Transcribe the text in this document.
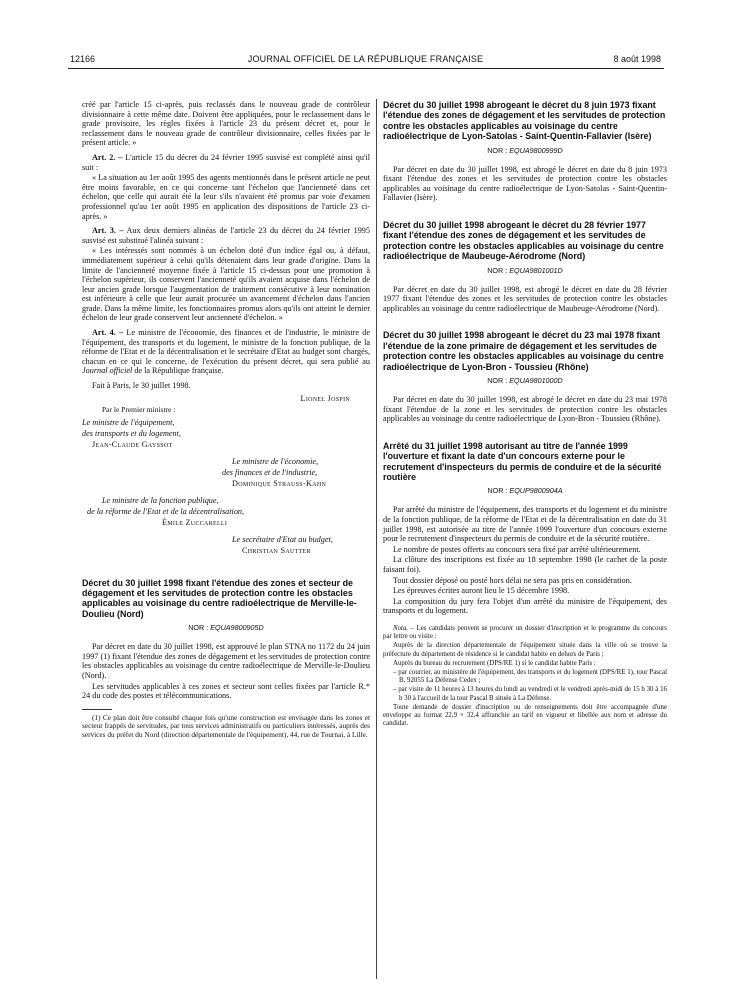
12166	JOURNAL OFFICIEL DE LA RÉPUBLIQUE FRANÇAISE	8 août 1998

créé par l'article 15 ci-après, puis reclassés dans le nouveau grade de contrôleur divisionnaire à cette même date. Doivent être appliquées, pour le reclassement dans le grade provisoire, les règles fixées à l'article 23 du présent décret et, pour le reclassement dans le nouveau grade de contrôleur divisionnaire, celles fixées par le présent article. »

Art. 2. – L'article 15 du décret du 24 février 1995 susvisé est complété ainsi qu'il suit :

« La situation au 1er août 1995 des agents mentionnés dans le présent article ne peut être moins favorable, en ce qui concerne tant l'échelon que l'ancienneté dans cet échelon, que celle qui aurait été la leur s'ils n'avaient été promus par voie d'examen professionnel qu'au 1er août 1995 en application des dispositions de l'article 23 ci-après. »

Art. 3. – Aux deux derniers alinéas de l'article 23 du décret du 24 février 1995 susvisé est substitué l'alinéa suivant :

« Les intéressés sont nommés à un échelon doté d'un indice égal ou, à défaut, immédiatement supérieur à celui qu'ils détenaient dans leur grade d'origine. Dans la limite de l'ancienneté moyenne fixée à l'article 15 ci-dessus pour une promotion à l'échelon supérieur, ils conservent l'ancienneté qu'ils avaient acquise dans l'échelon de leur ancien grade lorsque l'augmentation de traitement consécutive à leur nomination est inférieure à celle que leur aurait procurée un avancement d'échelon dans l'ancien grade. Dans la même limite, les fonctionnaires promus alors qu'ils ont atteint le dernier échelon de leur grade conservent leur ancienneté d'échelon. »

Art. 4. – Le ministre de l'économie, des finances et de l'industrie, le ministre de l'équipement, des transports et du logement, le ministre de la fonction publique, de la réforme de l'Etat et de la décentralisation et le secrétaire d'Etat au budget sont chargés, chacun en ce qui le concerne, de l'exécution du présent décret, qui sera publié au Journal officiel de la République française.

Fait à Paris, le 30 juillet 1998.

Lionel Jospin
Par le Premier ministre :
Le ministre de l'équipement,
des transports et du logement,
Jean-Claude Gayssot
Le ministre de l'économie,
des finances et de l'industrie,
Dominique Strauss-Kahn
Le ministre de la fonction publique,
de la réforme de l'Etat et de la décentralisation,
Émile Zuccarelli
Le secrétaire d'Etat au budget,
Christian Sautter

Décret du 30 juillet 1998 fixant l'étendue des zones et secteur de dégagement et les servitudes de protection contre les obstacles applicables au voisinage du centre radioélectrique de Merville-le-Doulieu (Nord)

NOR : EQUA9800905D

Par décret en date du 30 juillet 1998, est approuvé le plan STNA no 1172 du 24 juin 1997 (1) fixant l'étendue des zones de dégagement et les servitudes de protection contre les obstacles applicables au voisinage du centre radioélectrique de Merville-le-Doulieu (Nord).

Les servitudes applicables à ces zones et secteur sont celles fixées par l'article R.* 24 du code des postes et télécommunications.

(1) Ce plan doit être consulté chaque fois qu'une construction est envisagée dans les zones et secteur frappés de servitudes, par tous services administratifs ou particuliers intéressés, auprès des services du préfet du Nord (direction départementale de l'équipement), 44, rue de Tournai, à Lille.

Décret du 30 juillet 1998 abrogeant le décret du 8 juin 1973 fixant l'étendue des zones de dégagement et les servitudes de protection contre les obstacles applicables au voisinage du centre radioélectrique de Lyon-Satolas - Saint-Quentin-Fallavier (Isère)

NOR : EQUA9800999D

Par décret en date du 30 juillet 1998, est abrogé le décret en date du 8 juin 1973 fixant l'étendue des zones et les servitudes de protection contre les obstacles applicables au voisinage du centre radioélectrique de Lyon-Satolas - Saint-Quentin-Fallavier (Isère).

Décret du 30 juillet 1998 abrogeant le décret du 28 février 1977 fixant l'étendue des zones de dégagement et les servitudes de protection contre les obstacles applicables au voisinage du centre radioélectrique de Maubeuge-Aérodrome (Nord)

NOR : EQUA9801001D

Par décret en date du 30 juillet 1998, est abrogé le décret en date du 28 février 1977 fixant l'étendue des zones et les servitudes de protection contre les obstacles applicables au voisinage du centre radioélectrique de Maubeuge-Aérodrome (Nord).

Décret du 30 juillet 1998 abrogeant le décret du 23 mai 1978 fixant l'étendue de la zone primaire de dégagement et les servitudes de protection contre les obstacles applicables au voisinage du centre radioélectrique de Lyon-Bron - Toussieu (Rhône)

NOR : EQUA9801000D

Par décret en date du 30 juillet 1998, est abrogé le décret en date du 23 mai 1978 fixant l'étendue de la zone et les servitudes de protection contre les obstacles applicables au voisinage du centre radioélectrique de Lyon-Bron - Toussieu (Rhône).

Arrêté du 31 juillet 1998 autorisant au titre de l'année 1999 l'ouverture et fixant la date d'un concours externe pour le recrutement d'inspecteurs du permis de conduire et de la sécurité routière

NOR : EQUP9800904A

Par arrêté du ministre de l'équipement, des transports et du logement et du ministre de la fonction publique, de la réforme de l'Etat et de la décentralisation en date du 31 juillet 1998, est autorisée au titre de l'année 1999 l'ouverture d'un concours externe pour le recrutement d'inspecteurs du permis de conduire et de la sécurité routière.

Le nombre de postes offerts au concours sera fixé par arrêté ultérieurement.

La clôture des inscriptions est fixée au 18 septembre 1998 (le cachet de la poste faisant foi).

Tout dossier déposé ou posté hors délai ne sera pas pris en considération.

Les épreuves écrites auront lieu le 15 décembre 1998.

La composition du jury fera l'objet d'un arrêté du ministre de l'équipement, des transports et du logement.

Nota. – Les candidats peuvent se procurer un dossier d'inscription et le programme du concours par lettre ou visite :

Auprès de la direction départementale de l'équipement située dans la ville où se trouve la préfecture du département de résidence si le candidat habite en dehors de Paris ;

Auprès du bureau du recrutement (DPS/RE 1) si le candidat habite Paris :

– par courrier, au ministère de l'équipement, des transports et du logement (DPS/RE 1), tour Pascal B, 92055 La Défense Cedex ;

– par visite de 11 heures à 13 heures du lundi au vendredi et le vendredi après-midi de 15 h 30 à 16 h 30 à l'accueil de la tour Pascal B située à La Défense.

Toute demande de dossier d'inscription ou de renseignements doit être accompagnée d'une enveloppe au format 22,9 × 32,4 affranchie au tarif en vigueur et libellée aux nom et adresse du candidat.
